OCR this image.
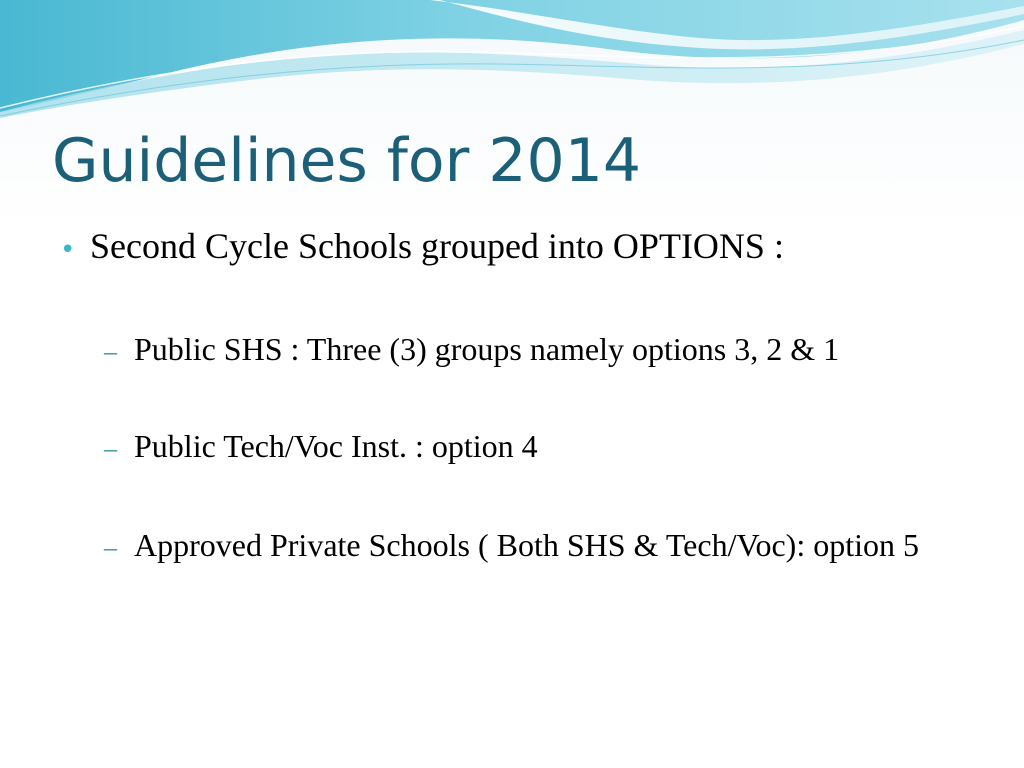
Guidelines for 2014
• Second Cycle Schools grouped into OPTIONS :
– Public SHS : Three (3) groups namely options 3, 2 & 1
– Public Tech/Voc Inst. : option 4
– Approved Private Schools ( Both SHS & Tech/Voc): option 5
